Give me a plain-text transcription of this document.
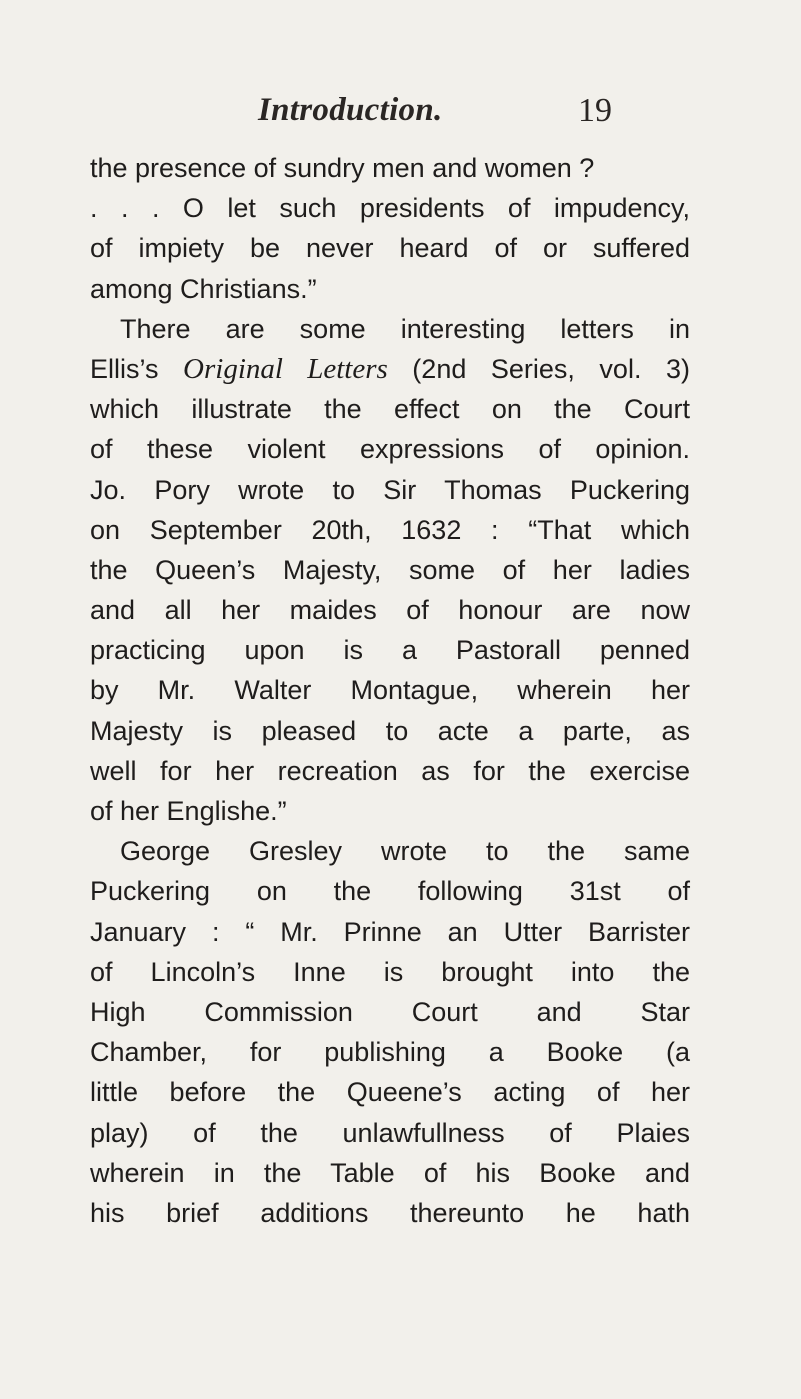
Introduction.	19
the presence of sundry men and women ?
. . . O let such presidents of impudency,
of impiety be never heard of or suffered
among Christians.”
There are some interesting letters in
Ellis’s Original Letters (2nd Series, vol. 3)
which illustrate the effect on the Court
of these violent expressions of opinion.
Jo. Pory wrote to Sir Thomas Puckering
on September 20th, 1632 : “That which
the Queen’s Majesty, some of her ladies
and all her maides of honour are now
practicing upon is a Pastorall penned
by Mr. Walter Montague, wherein her
Majesty is pleased to acte a parte, as
well for her recreation as for the exercise
of her Englishe.”
George Gresley wrote to the same
Puckering on the following 31st of
January : “ Mr. Prinne an Utter Barrister
of Lincoln’s Inne is brought into the
High Commission Court and Star
Chamber, for publishing a Booke (a
little before the Queene’s acting of her
play) of the unlawfullness of Plaies
wherein in the Table of his Booke and
his brief additions thereunto he hath
